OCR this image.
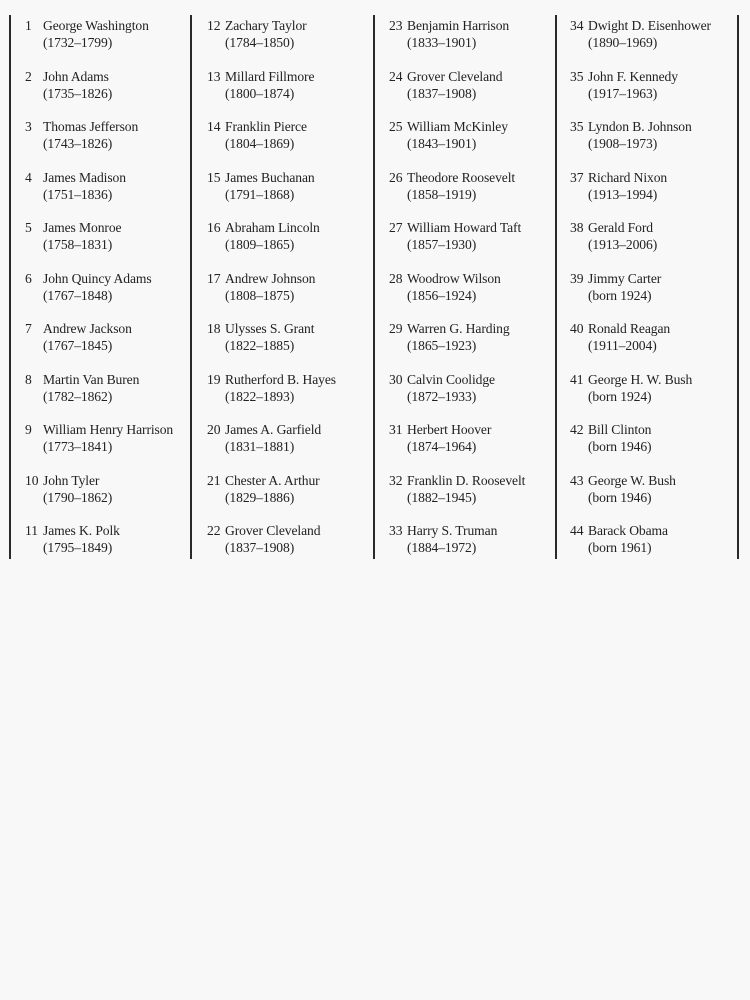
1 George Washington
(1732–1799)
2 John Adams
(1735–1826)
3 Thomas Jefferson
(1743–1826)
4 James Madison
(1751–1836)
5 James Monroe
(1758–1831)
6 John Quincy Adams
(1767–1848)
7 Andrew Jackson
(1767–1845)
8 Martin Van Buren
(1782–1862)
9 William Henry Harrison
(1773–1841)
10 John Tyler
(1790–1862)
11 James K. Polk
(1795–1849)
12 Zachary Taylor
(1784–1850)
13 Millard Fillmore
(1800–1874)
14 Franklin Pierce
(1804–1869)
15 James Buchanan
(1791–1868)
16 Abraham Lincoln
(1809–1865)
17 Andrew Johnson
(1808–1875)
18 Ulysses S. Grant
(1822–1885)
19 Rutherford B. Hayes
(1822–1893)
20 James A. Garfield
(1831–1881)
21 Chester A. Arthur
(1829–1886)
22 Grover Cleveland
(1837–1908)
23 Benjamin Harrison
(1833–1901)
24 Grover Cleveland
(1837–1908)
25 William McKinley
(1843–1901)
26 Theodore Roosevelt
(1858–1919)
27 William Howard Taft
(1857–1930)
28 Woodrow Wilson
(1856–1924)
29 Warren G. Harding
(1865–1923)
30 Calvin Coolidge
(1872–1933)
31 Herbert Hoover
(1874–1964)
32 Franklin D. Roosevelt
(1882–1945)
33 Harry S. Truman
(1884–1972)
34 Dwight D. Eisenhower
(1890–1969)
35 John F. Kennedy
(1917–1963)
35 Lyndon B. Johnson
(1908–1973)
37 Richard Nixon
(1913–1994)
38 Gerald Ford
(1913–2006)
39 Jimmy Carter
(born 1924)
40 Ronald Reagan
(1911–2004)
41 George H. W. Bush
(born 1924)
42 Bill Clinton
(born 1946)
43 George W. Bush
(born 1946)
44 Barack Obama
(born 1961)
